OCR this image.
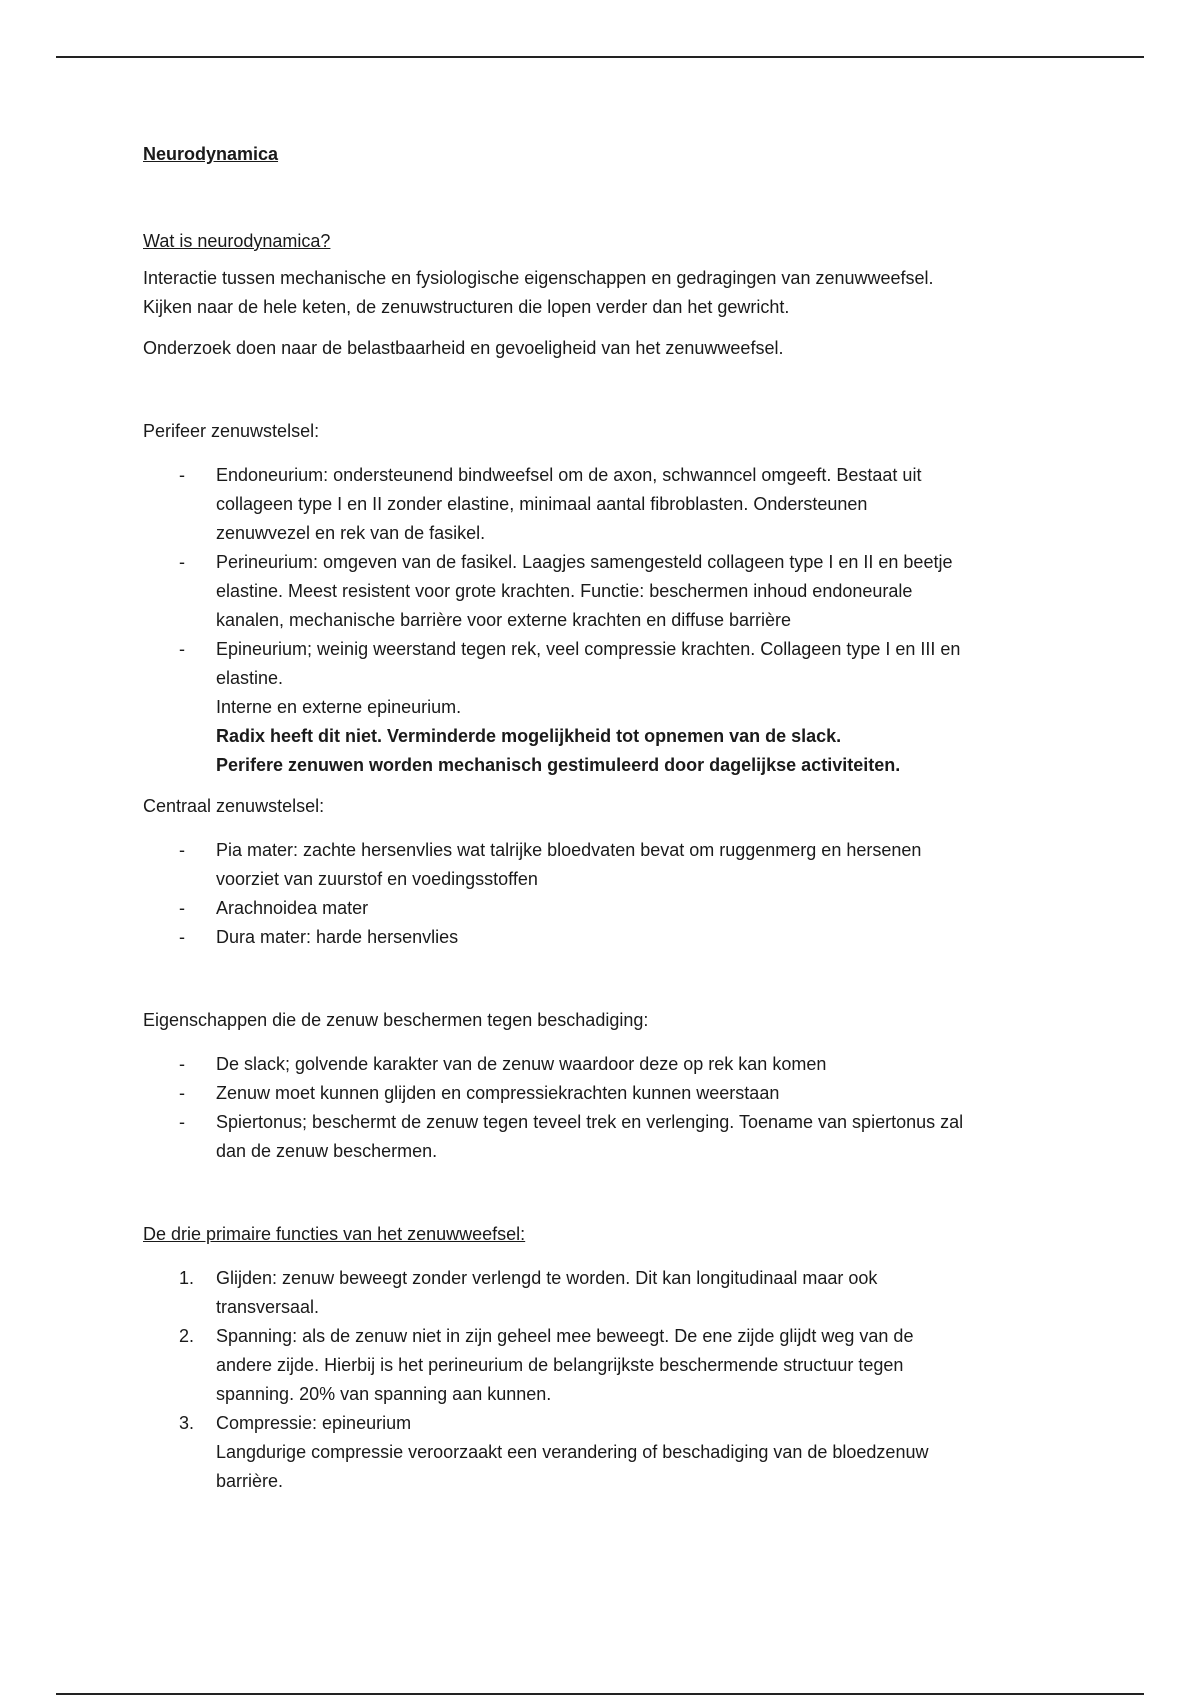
Neurodynamica
Wat is neurodynamica?
Interactie tussen mechanische en fysiologische eigenschappen en gedragingen van zenuwweefsel.
Kijken naar de hele keten, de zenuwstructuren die lopen verder dan het gewricht.
Onderzoek doen naar de belastbaarheid en gevoeligheid van het zenuwweefsel.
Perifeer zenuwstelsel:
- Endoneurium: ondersteunend bindweefsel om de axon, schwanncel omgeeft. Bestaat uit
collageen type I en II zonder elastine, minimaal aantal fibroblasten. Ondersteunen
zenuwvezel en rek van de fasikel.
- Perineurium: omgeven van de fasikel. Laagjes samengesteld collageen type I en II en beetje
elastine. Meest resistent voor grote krachten. Functie: beschermen inhoud endoneurale
kanalen, mechanische barrière voor externe krachten en diffuse barrière
- Epineurium; weinig weerstand tegen rek, veel compressie krachten. Collageen type I en III en
elastine.
Interne en externe epineurium.
Radix heeft dit niet. Verminderde mogelijkheid tot opnemen van de slack.
Perifere zenuwen worden mechanisch gestimuleerd door dagelijkse activiteiten.
Centraal zenuwstelsel:
- Pia mater: zachte hersenvlies wat talrijke bloedvaten bevat om ruggenmerg en hersenen
voorziet van zuurstof en voedingsstoffen
- Arachnoidea mater
- Dura mater: harde hersenvlies
Eigenschappen die de zenuw beschermen tegen beschadiging:
- De slack; golvende karakter van de zenuw waardoor deze op rek kan komen
- Zenuw moet kunnen glijden en compressiekrachten kunnen weerstaan
- Spiertonus; beschermt de zenuw tegen teveel trek en verlenging. Toename van spiertonus zal
dan de zenuw beschermen.
De drie primaire functies van het zenuwweefsel:
1. Glijden: zenuw beweegt zonder verlengd te worden. Dit kan longitudinaal maar ook
transversaal.
2. Spanning: als de zenuw niet in zijn geheel mee beweegt. De ene zijde glijdt weg van de
andere zijde. Hierbij is het perineurium de belangrijkste beschermende structuur tegen
spanning. 20% van spanning aan kunnen.
3. Compressie: epineurium
Langdurige compressie veroorzaakt een verandering of beschadiging van de bloedzenuw
barrière.
